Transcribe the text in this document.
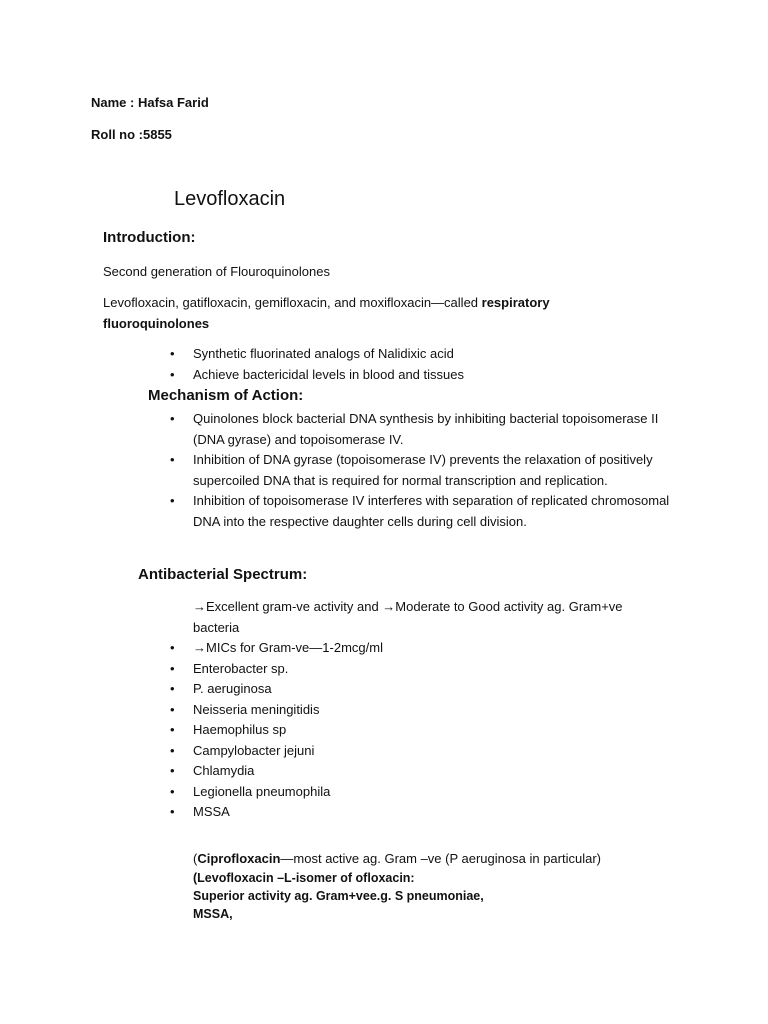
Name : Hafsa Farid
Roll no :5855
Levofloxacin
Introduction:
Second generation of Flouroquinolones
Levofloxacin, gatifloxacin, gemifloxacin, and moxifloxacin—called respiratory fluoroquinolones
• Synthetic fluorinated analogs of Nalidixic acid
• Achieve bactericidal levels in blood and tissues
Mechanism of Action:
• Quinolones block bacterial DNA synthesis by inhibiting bacterial topoisomerase II (DNA gyrase) and topoisomerase IV.
• Inhibition of DNA gyrase (topoisomerase IV) prevents the relaxation of positively supercoiled DNA that is required for normal transcription and replication.
• Inhibition of topoisomerase IV interferes with separation of replicated chromosomal DNA into the respective daughter cells during cell division.
Antibacterial Spectrum:
→Excellent gram-ve activity and →Moderate to Good activity ag. Gram+ve bacteria
• →MICs for Gram-ve—1-2mcg/ml
• Enterobacter sp.
• P. aeruginosa
• Neisseria meningitidis
• Haemophilus sp
• Campylobacter jejuni
• Chlamydia
• Legionella pneumophila
• MSSA
(Ciprofloxacin—most active ag. Gram –ve (P aeruginosa in particular)
(Levofloxacin –L-isomer of ofloxacin:
Superior activity ag. Gram+vee.g. S pneumoniae,
MSSA,
